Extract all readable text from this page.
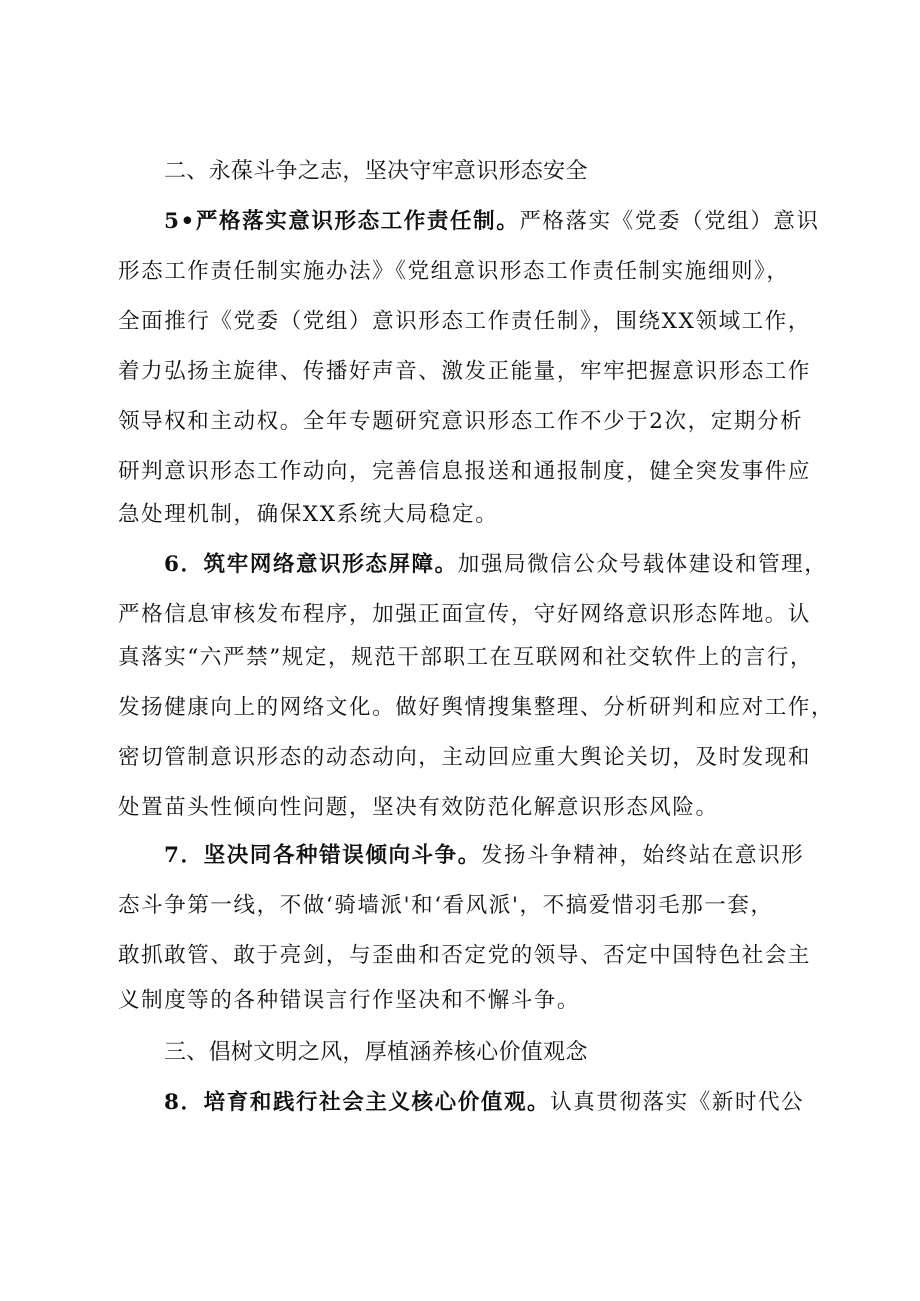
二、永葆斗争之志，坚决守牢意识形态安全
5•严格落实意识形态工作责任制。严格落实《党委（党组）意识
形态工作责任制实施办法》《党组意识形态工作责任制实施细则》，
全面推行《党委（党组）意识形态工作责任制》，围绕XX领域工作，
着力弘扬主旋律、传播好声音、激发正能量，牢牢把握意识形态工作
领导权和主动权。全年专题研究意识形态工作不少于2次，定期分析
研判意识形态工作动向，完善信息报送和通报制度，健全突发事件应
急处理机制，确保XX系统大局稳定。
6．筑牢网络意识形态屏障。加强局微信公众号载体建设和管理，
严格信息审核发布程序，加强正面宣传，守好网络意识形态阵地。认
真落实“六严禁”规定，规范干部职工在互联网和社交软件上的言行，
发扬健康向上的网络文化。做好舆情搜集整理、分析研判和应对工作，
密切管制意识形态的动态动向，主动回应重大舆论关切，及时发现和
处置苗头性倾向性问题，坚决有效防范化解意识形态风险。
7．坚决同各种错误倾向斗争。发扬斗争精神，始终站在意识形
态斗争第一线，不做‘骑墙派'和‘看风派'，不搞爱惜羽毛那一套，
敢抓敢管、敢于亮剑，与歪曲和否定党的领导、否定中国特色社会主
义制度等的各种错误言行作坚决和不懈斗争。
三、倡树文明之风，厚植涵养核心价值观念
8．培育和践行社会主义核心价值观。认真贯彻落实《新时代公
